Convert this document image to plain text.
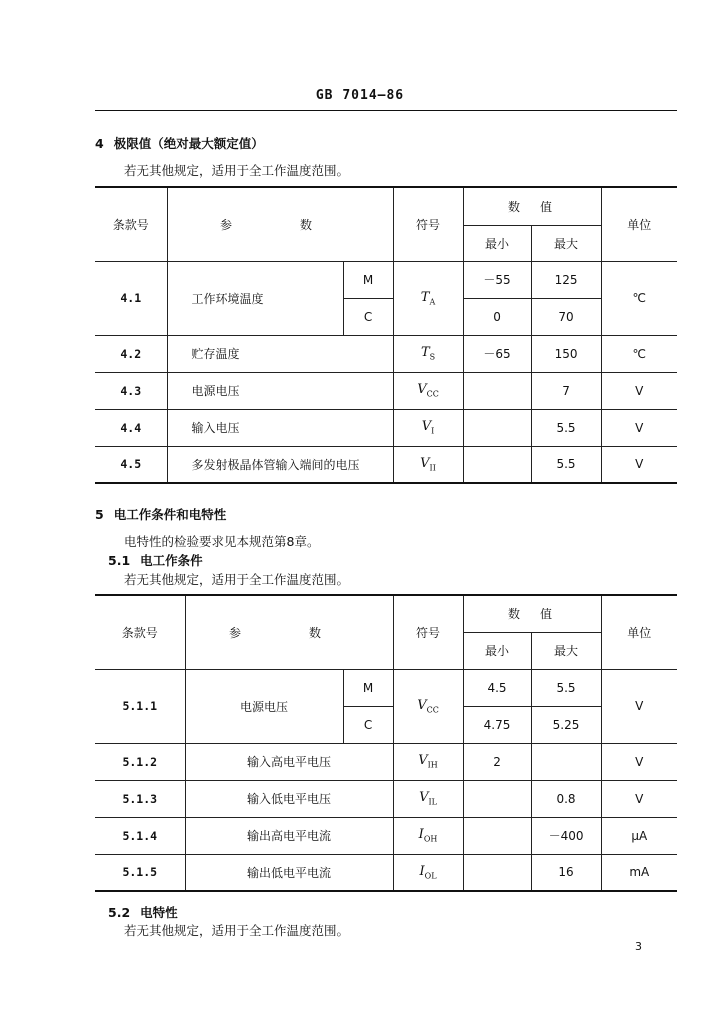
GB 7014—86
4 极限值（绝对最大额定值）
若无其他规定，适用于全工作温度范围。
条款号	参　数		符号	数　值		单位
				最小	最大	
4.1	工作环境温度	M	$T_A$	－55	125	℃
		C		0	70	
4.2	贮存温度		$T_S$	－65	150	℃
4.3	电源电压		$V_{CC}$		7	V
4.4	输入电压		$V_I$		5.5	V
4.5	多发射极晶体管输入端间的电压		$V_{II}$		5.5	V
5 电工作条件和电特性
电特性的检验要求见本规范第8章。
5.1 电工作条件
若无其他规定，适用于全工作温度范围。
条款号	参　数		符号	数　值		单位
				最小	最大	
5.1.1	电源电压	M	$V_{CC}$	4.5	5.5	V
		C		4.75	5.25	
5.1.2	输入高电平电压		$V_{IH}$	2		V
5.1.3	输入低电平电压		$V_{IL}$		0.8	V
5.1.4	输出高电平电流		$I_{OH}$		－400	μA
5.1.5	输出低电平电流		$I_{OL}$		16	mA
5.2 电特性
若无其他规定，适用于全工作温度范围。
3
